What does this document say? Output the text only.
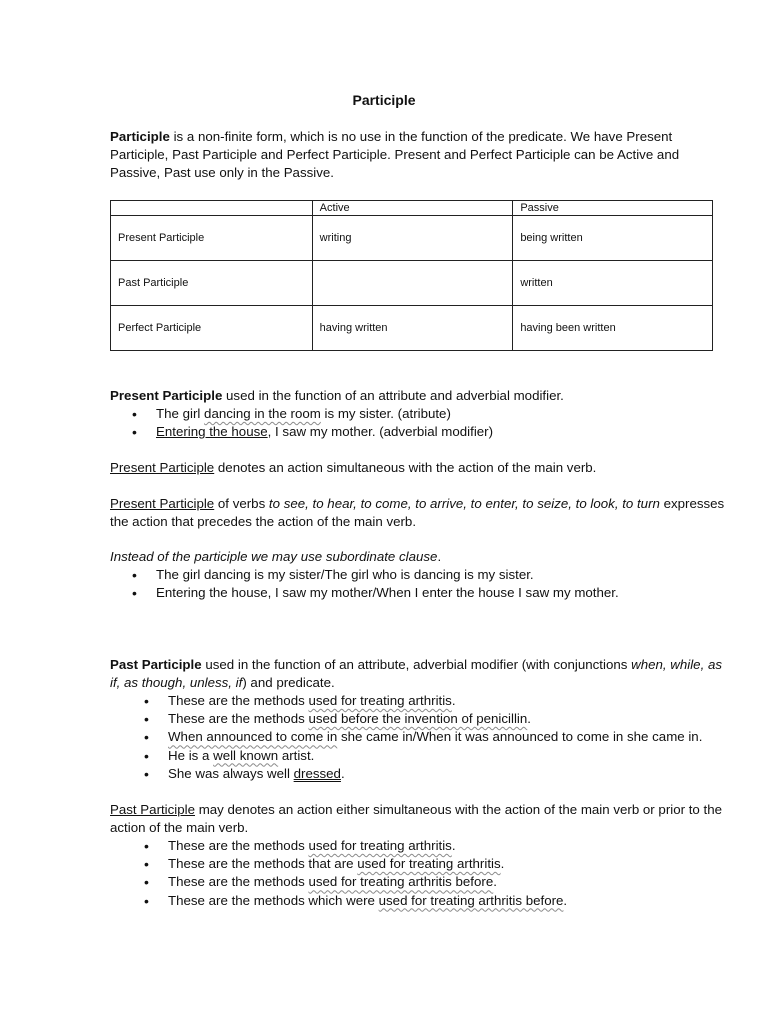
Participle
Participle is a non-finite form, which is no use in the function of the predicate. We have Present Participle, Past Participle and Perfect Participle. Present and Perfect Participle can be Active and Passive, Past use only in the Passive.
	Active	Passive
Present Participle	writing	being written
Past Participle		written
Perfect Participle	having written	having been written
Present Participle used in the function of an attribute and adverbial modifier.
• The girl dancing in the room is my sister. (atribute)
• Entering the house, I saw my mother. (adverbial modifier)
Present Participle denotes an action simultaneous with the action of the main verb.
Present Participle of verbs to see, to hear, to come, to arrive, to enter, to seize, to look, to turn expresses the action that precedes the action of the main verb.
Instead of the participle we may use subordinate clause.
• The girl dancing is my sister/The girl who is dancing is my sister.
• Entering the house, I saw my mother/When I enter the house I saw my mother.
Past Participle used in the function of an attribute, adverbial modifier (with conjunctions when, while, as if, as though, unless, if) and predicate.
• These are the methods used for treating arthritis.
• These are the methods used before the invention of penicillin.
• When announced to come in she came in/When it was announced to come in she came in.
• He is a well known artist.
• She was always well dressed.
Past Participle may denotes an action either simultaneous with the action of the main verb or prior to the action of the main verb.
• These are the methods used for treating arthritis.
• These are the methods that are used for treating arthritis.
• These are the methods used for treating arthritis before.
• These are the methods which were used for treating arthritis before.
